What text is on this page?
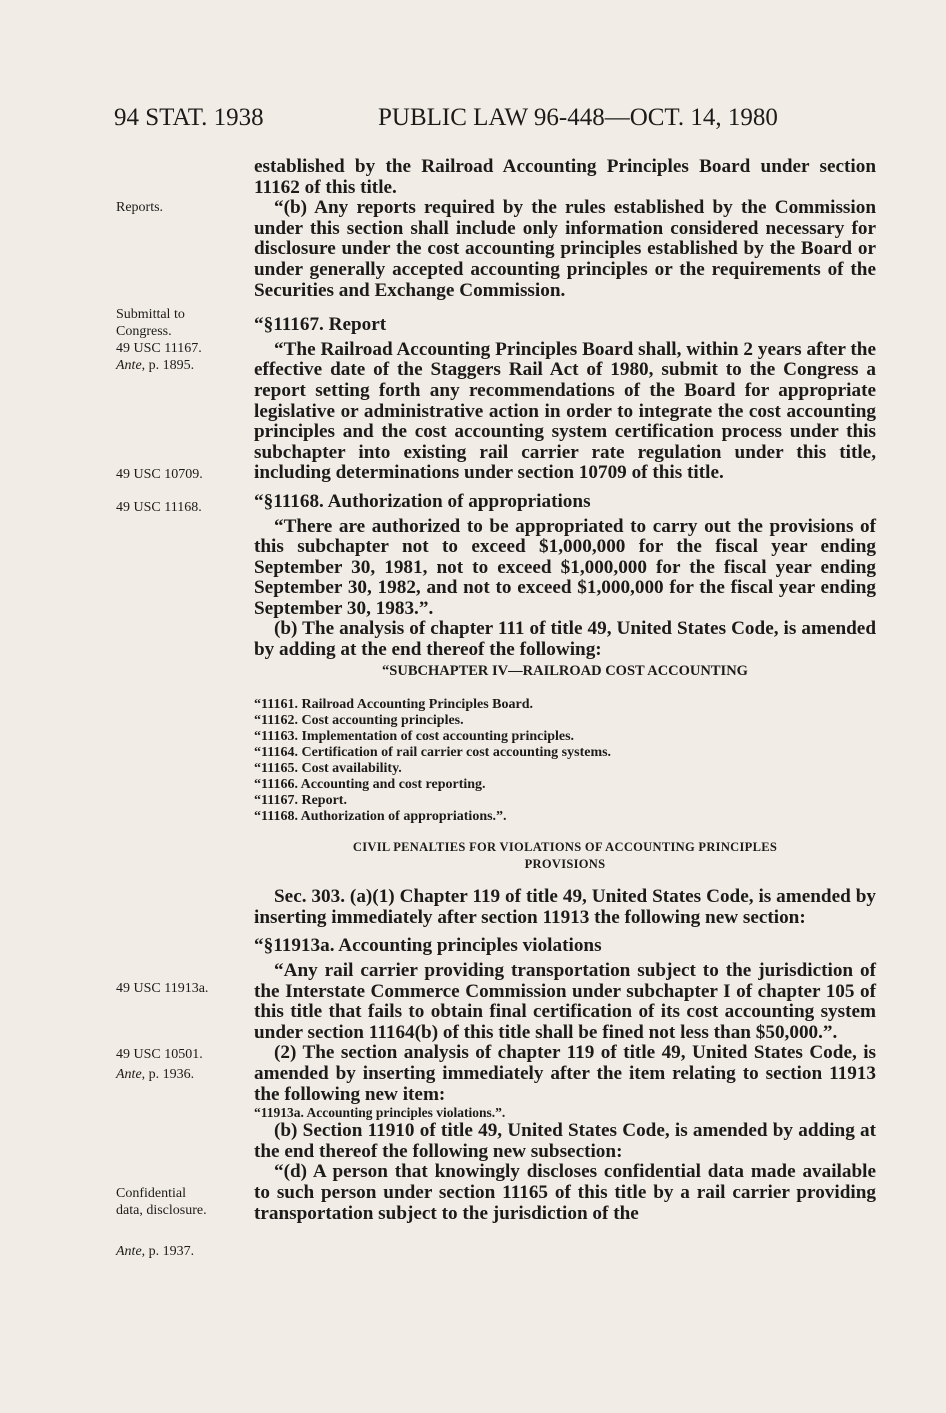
94 STAT. 1938	PUBLIC LAW 96-448—OCT. 14, 1980
Reports.
Submittal to
Congress.
49 USC 11167.
Ante, p. 1895.
49 USC 10709.
49 USC 11168.
49 USC 11913a.
49 USC 10501.
Ante, p. 1936.
Confidential
data, disclosure.
Ante, p. 1937.

established by the Railroad Accounting Principles Board under section 11162 of this title.

“(b) Any reports required by the rules established by the Commission under this section shall include only information considered necessary for disclosure under the cost accounting principles established by the Board or under generally accepted accounting principles or the requirements of the Securities and Exchange Commission.

“§11167. Report

“The Railroad Accounting Principles Board shall, within 2 years after the effective date of the Staggers Rail Act of 1980, submit to the Congress a report setting forth any recommendations of the Board for appropriate legislative or administrative action in order to integrate the cost accounting principles and the cost accounting system certification process under this subchapter into existing rail carrier rate regulation under this title, including determinations under section 10709 of this title.

“§11168. Authorization of appropriations

“There are authorized to be appropriated to carry out the provisions of this subchapter not to exceed $1,000,000 for the fiscal year ending September 30, 1981, not to exceed $1,000,000 for the fiscal year ending September 30, 1982, and not to exceed $1,000,000 for the fiscal year ending September 30, 1983.”.

(b) The analysis of chapter 111 of title 49, United States Code, is amended by adding at the end thereof the following:

“SUBCHAPTER IV—RAILROAD COST ACCOUNTING

“11161. Railroad Accounting Principles Board.
“11162. Cost accounting principles.
“11163. Implementation of cost accounting principles.
“11164. Certification of rail carrier cost accounting systems.
“11165. Cost availability.
“11166. Accounting and cost reporting.
“11167. Report.
“11168. Authorization of appropriations.”.
CIVIL PENALTIES FOR VIOLATIONS OF ACCOUNTING PRINCIPLES
PROVISIONS

Sec. 303. (a)(1) Chapter 119 of title 49, United States Code, is amended by inserting immediately after section 11913 the following new section:

“§11913a. Accounting principles violations

“Any rail carrier providing transportation subject to the jurisdiction of the Interstate Commerce Commission under subchapter I of chapter 105 of this title that fails to obtain final certification of its cost accounting system under section 11164(b) of this title shall be fined not less than $50,000.”.

(2) The section analysis of chapter 119 of title 49, United States Code, is amended by inserting immediately after the item relating to section 11913 the following new item:

“11913a. Accounting principles violations.”.

(b) Section 11910 of title 49, United States Code, is amended by adding at the end thereof the following new subsection:

“(d) A person that knowingly discloses confidential data made available to such person under section 11165 of this title by a rail carrier providing transportation subject to the jurisdiction of the
